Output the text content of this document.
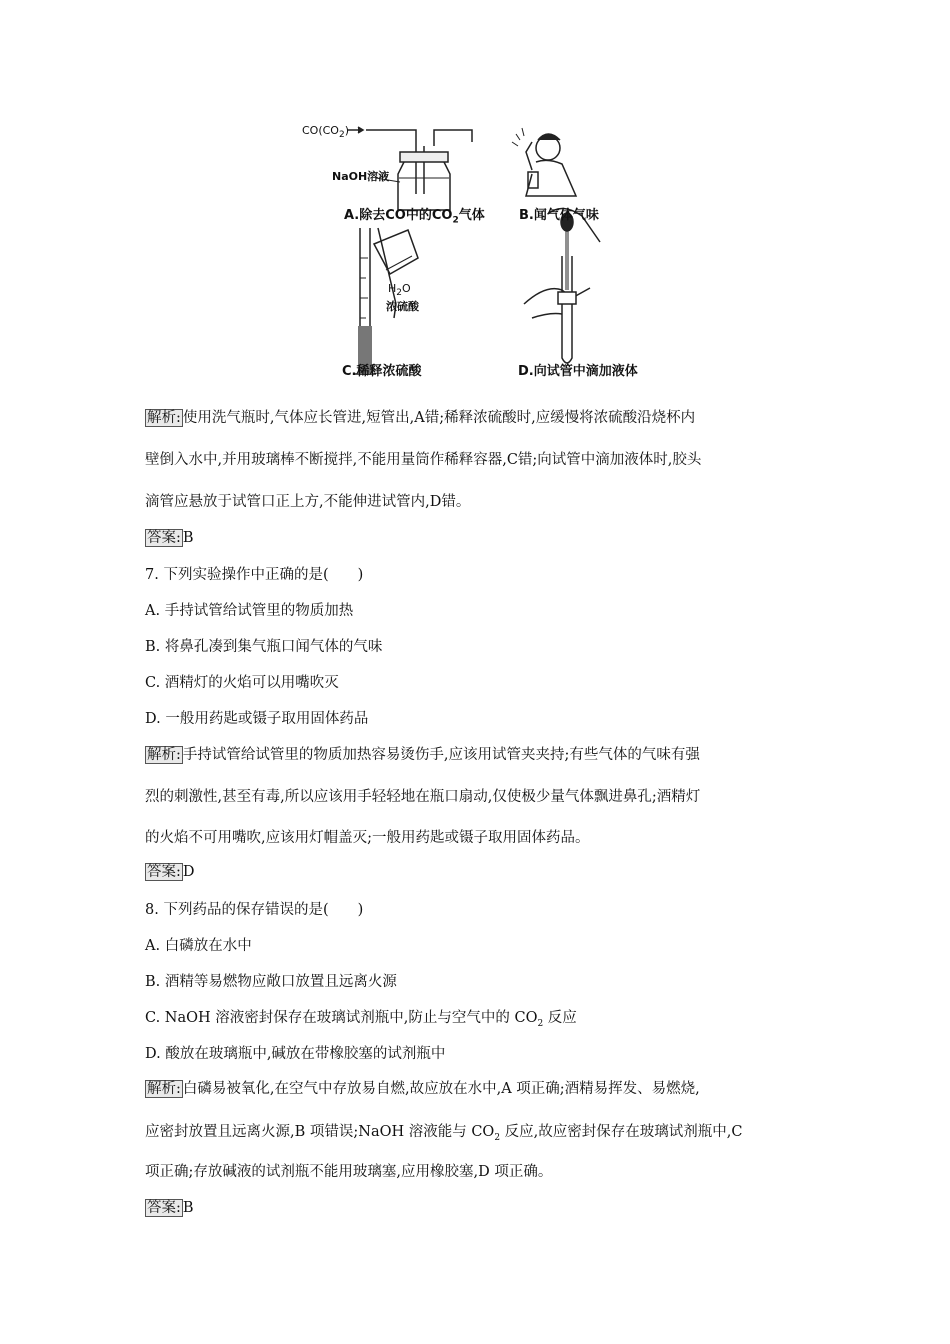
$CO(CO_2)$
NaOH溶液
$H_2O$
浓硫酸
A.除去CO中的$CO_2$气体	B.闻气体气味
C.稀释浓硫酸	D.向试管中滴加液体
解析: 使用洗气瓶时,气体应长管进,短管出,A错;稀释浓硫酸时,应缓慢将浓硫酸沿烧杯内
壁倒入水中,并用玻璃棒不断搅拌,不能用量筒作稀释容器,C错;向试管中滴加液体时,胶头
滴管应悬放于试管口正上方,不能伸进试管内,D错。
答案: B
7. 下列实验操作中正确的是(　　)
A. 手持试管给试管里的物质加热
B. 将鼻孔凑到集气瓶口闻气体的气味
C. 酒精灯的火焰可以用嘴吹灭
D. 一般用药匙或镊子取用固体药品
解析: 手持试管给试管里的物质加热容易烫伤手,应该用试管夹夹持;有些气体的气味有强
烈的刺激性,甚至有毒,所以应该用手轻轻地在瓶口扇动,仅使极少量气体飘进鼻孔;酒精灯
的火焰不可用嘴吹,应该用灯帽盖灭;一般用药匙或镊子取用固体药品。
答案: D
8. 下列药品的保存错误的是(　　)
A. 白磷放在水中
B. 酒精等易燃物应敞口放置且远离火源
C. NaOH 溶液密封保存在玻璃试剂瓶中,防止与空气中的 $CO_2$ 反应
D. 酸放在玻璃瓶中,碱放在带橡胶塞的试剂瓶中
解析: 白磷易被氧化,在空气中存放易自燃,故应放在水中,A 项正确;酒精易挥发、易燃烧,
应密封放置且远离火源,B 项错误;NaOH 溶液能与 $CO_2$ 反应,故应密封保存在玻璃试剂瓶中,C
项正确;存放碱液的试剂瓶不能用玻璃塞,应用橡胶塞,D 项正确。
答案: B
